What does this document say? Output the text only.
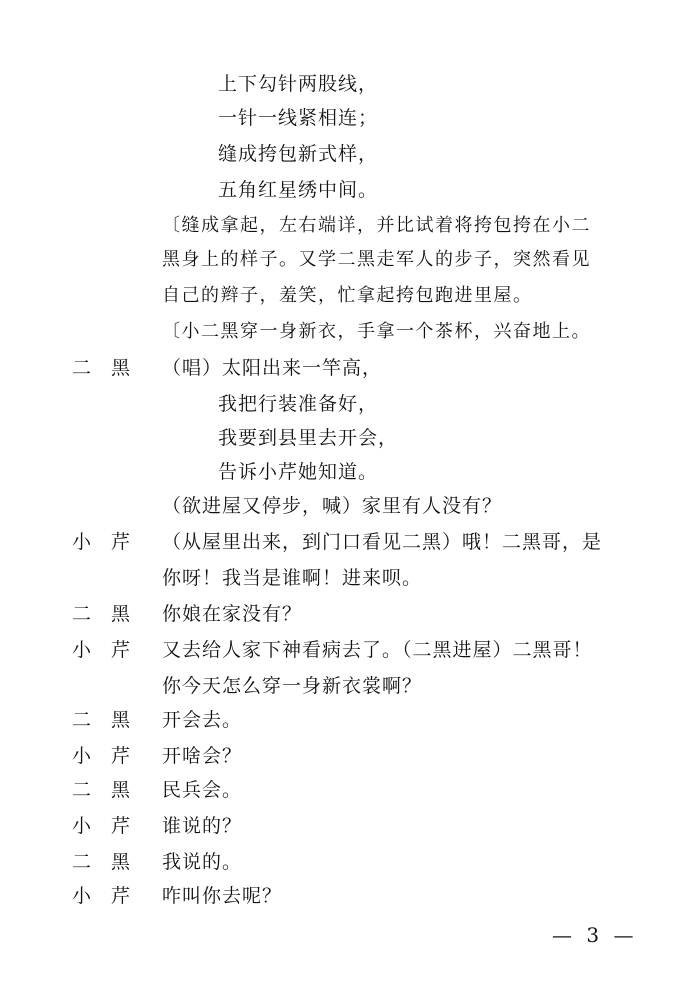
上下勾针两股线，
一针一线紧相连；
缝成挎包新式样，
五角红星绣中间。
〔缝成拿起，左右端详，并比试着将挎包挎在小二
黑身上的样子。又学二黑走军人的步子，突然看见
自己的辫子，羞笑，忙拿起挎包跑进里屋。
〔小二黑穿一身新衣，手拿一个茶杯，兴奋地上。
二黑 （唱）太阳出来一竿高，
我把行装准备好，
我要到县里去开会，
告诉小芹她知道。
（欲进屋又停步，喊）家里有人没有？
小芹 （从屋里出来，到门口看见二黑）哦！二黑哥，是
你呀！我当是谁啊！进来呗。
二黑 你娘在家没有？
小芹 又去给人家下神看病去了。（二黑进屋）二黑哥！
你今天怎么穿一身新衣裳啊？
二黑 开会去。
小芹 开啥会？
二黑 民兵会。
小芹 谁说的？
二黑 我说的。
小芹 咋叫你去呢？
— 3 —
